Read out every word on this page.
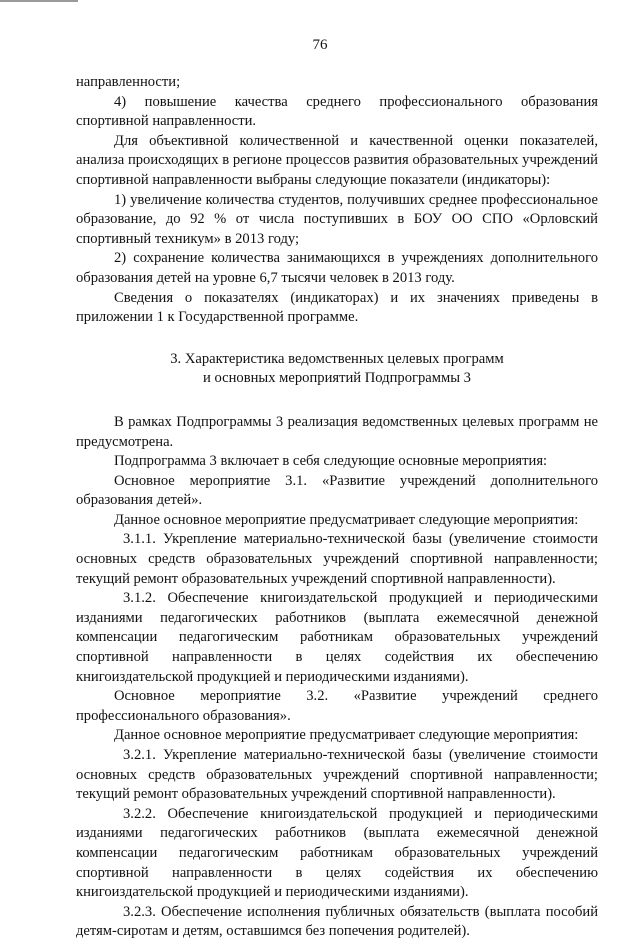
76

направленности;

4) повышение качества среднего профессионального образования спортивной направленности.

Для объективной количественной и качественной оценки показателей, анализа происходящих в регионе процессов развития образовательных учреждений спортивной направленности выбраны следующие показатели (индикаторы):

1) увеличение количества студентов, получивших среднее профессиональное образование, до 92 % от числа поступивших в БОУ ОО СПО «Орловский спортивный техникум» в 2013 году;

2) сохранение количества занимающихся в учреждениях дополнительного образования детей на уровне 6,7 тысячи человек в 2013 году.

Сведения о показателях (индикаторах) и их значениях приведены в приложении 1 к Государственной программе.

3. Характеристика ведомственных целевых программ
и основных мероприятий Подпрограммы 3

В рамках Подпрограммы 3 реализация ведомственных целевых программ не предусмотрена.

Подпрограмма 3 включает в себя следующие основные мероприятия:

Основное мероприятие 3.1. «Развитие учреждений дополнительного образования детей».

Данное основное мероприятие предусматривает следующие мероприятия:

3.1.1. Укрепление материально-технической базы (увеличение стоимости основных средств образовательных учреждений спортивной направленности; текущий ремонт образовательных учреждений спортивной направленности).

3.1.2. Обеспечение книгоиздательской продукцией и периодическими изданиями педагогических работников (выплата ежемесячной денежной компенсации педагогическим работникам образовательных учреждений спортивной направленности в целях содействия их обеспечению книгоиздательской продукцией и периодическими изданиями).

Основное мероприятие 3.2. «Развитие учреждений среднего профессионального образования».

Данное основное мероприятие предусматривает следующие мероприятия:

3.2.1. Укрепление материально-технической базы (увеличение стоимости основных средств образовательных учреждений спортивной направленности; текущий ремонт образовательных учреждений спортивной направленности).

3.2.2. Обеспечение книгоиздательской продукцией и периодическими изданиями педагогических работников (выплата ежемесячной денежной компенсации педагогическим работникам образовательных учреждений спортивной направленности в целях содействия их обеспечению книгоиздательской продукцией и периодическими изданиями).

3.2.3. Обеспечение исполнения публичных обязательств (выплата пособий детям-сиротам и детям, оставшимся без попечения родителей).
